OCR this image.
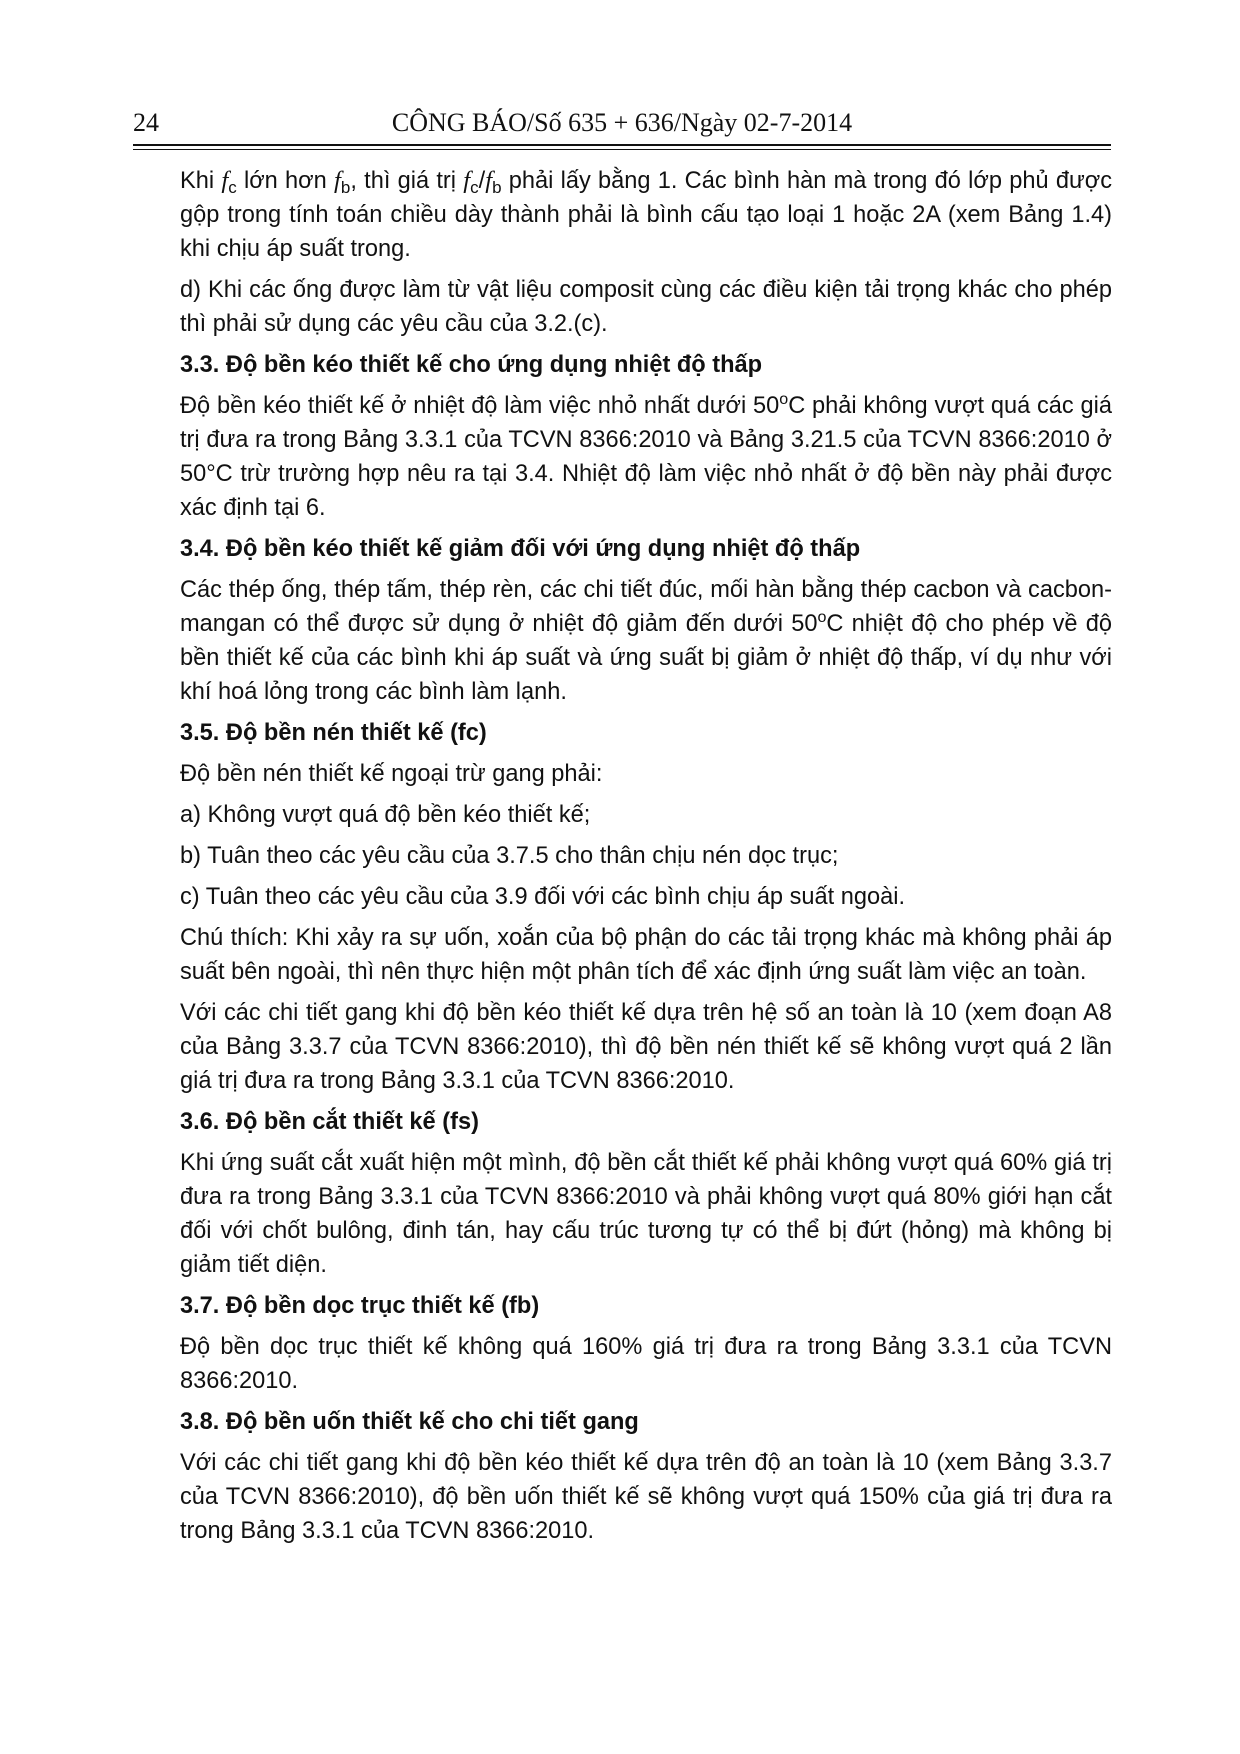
24	CÔNG BÁO/Số 635 + 636/Ngày 02-7-2014

Khi $f_c$ lớn hơn $f_b$, thì giá trị $f_c/f_b$ phải lấy bằng 1. Các bình hàn mà trong đó lớp phủ được gộp trong tính toán chiều dày thành phải là bình cấu tạo loại 1 hoặc 2A (xem Bảng 1.4) khi chịu áp suất trong.

d) Khi các ống được làm từ vật liệu composit cùng các điều kiện tải trọng khác cho phép thì phải sử dụng các yêu cầu của 3.2.(c).

3.3. Độ bền kéo thiết kế cho ứng dụng nhiệt độ thấp

Độ bền kéo thiết kế ở nhiệt độ làm việc nhỏ nhất dưới 50$^o$C phải không vượt quá các giá trị đưa ra trong Bảng 3.3.1 của TCVN 8366:2010 và Bảng 3.21.5 của TCVN 8366:2010 ở 50°C trừ trường hợp nêu ra tại 3.4. Nhiệt độ làm việc nhỏ nhất ở độ bền này phải được xác định tại 6.

3.4. Độ bền kéo thiết kế giảm đối với ứng dụng nhiệt độ thấp

Các thép ống, thép tấm, thép rèn, các chi tiết đúc, mối hàn bằng thép cacbon và cacbon-mangan có thể được sử dụng ở nhiệt độ giảm đến dưới 50$^o$C nhiệt độ cho phép về độ bền thiết kế của các bình khi áp suất và ứng suất bị giảm ở nhiệt độ thấp, ví dụ như với khí hoá lỏng trong các bình làm lạnh.

3.5. Độ bền nén thiết kế (fc)

Độ bền nén thiết kế ngoại trừ gang phải:

a) Không vượt quá độ bền kéo thiết kế;

b) Tuân theo các yêu cầu của 3.7.5 cho thân chịu nén dọc trục;

c) Tuân theo các yêu cầu của 3.9 đối với các bình chịu áp suất ngoài.

Chú thích: Khi xảy ra sự uốn, xoắn của bộ phận do các tải trọng khác mà không phải áp suất bên ngoài, thì nên thực hiện một phân tích để xác định ứng suất làm việc an toàn.

Với các chi tiết gang khi độ bền kéo thiết kế dựa trên hệ số an toàn là 10 (xem đoạn A8 của Bảng 3.3.7 của TCVN 8366:2010), thì độ bền nén thiết kế sẽ không vượt quá 2 lần giá trị đưa ra trong Bảng 3.3.1 của TCVN 8366:2010.

3.6. Độ bền cắt thiết kế (fs)

Khi ứng suất cắt xuất hiện một mình, độ bền cắt thiết kế phải không vượt quá 60% giá trị đưa ra trong Bảng 3.3.1 của TCVN 8366:2010 và phải không vượt quá 80% giới hạn cắt đối với chốt bulông, đinh tán, hay cấu trúc tương tự có thể bị đứt (hỏng) mà không bị giảm tiết diện.

3.7. Độ bền dọc trục thiết kế (fb)

Độ bền dọc trục thiết kế không quá 160% giá trị đưa ra trong Bảng 3.3.1 của TCVN 8366:2010.

3.8. Độ bền uốn thiết kế cho chi tiết gang

Với các chi tiết gang khi độ bền kéo thiết kế dựa trên độ an toàn là 10 (xem Bảng 3.3.7 của TCVN 8366:2010), độ bền uốn thiết kế sẽ không vượt quá 150% của giá trị đưa ra trong Bảng 3.3.1 của TCVN 8366:2010.
